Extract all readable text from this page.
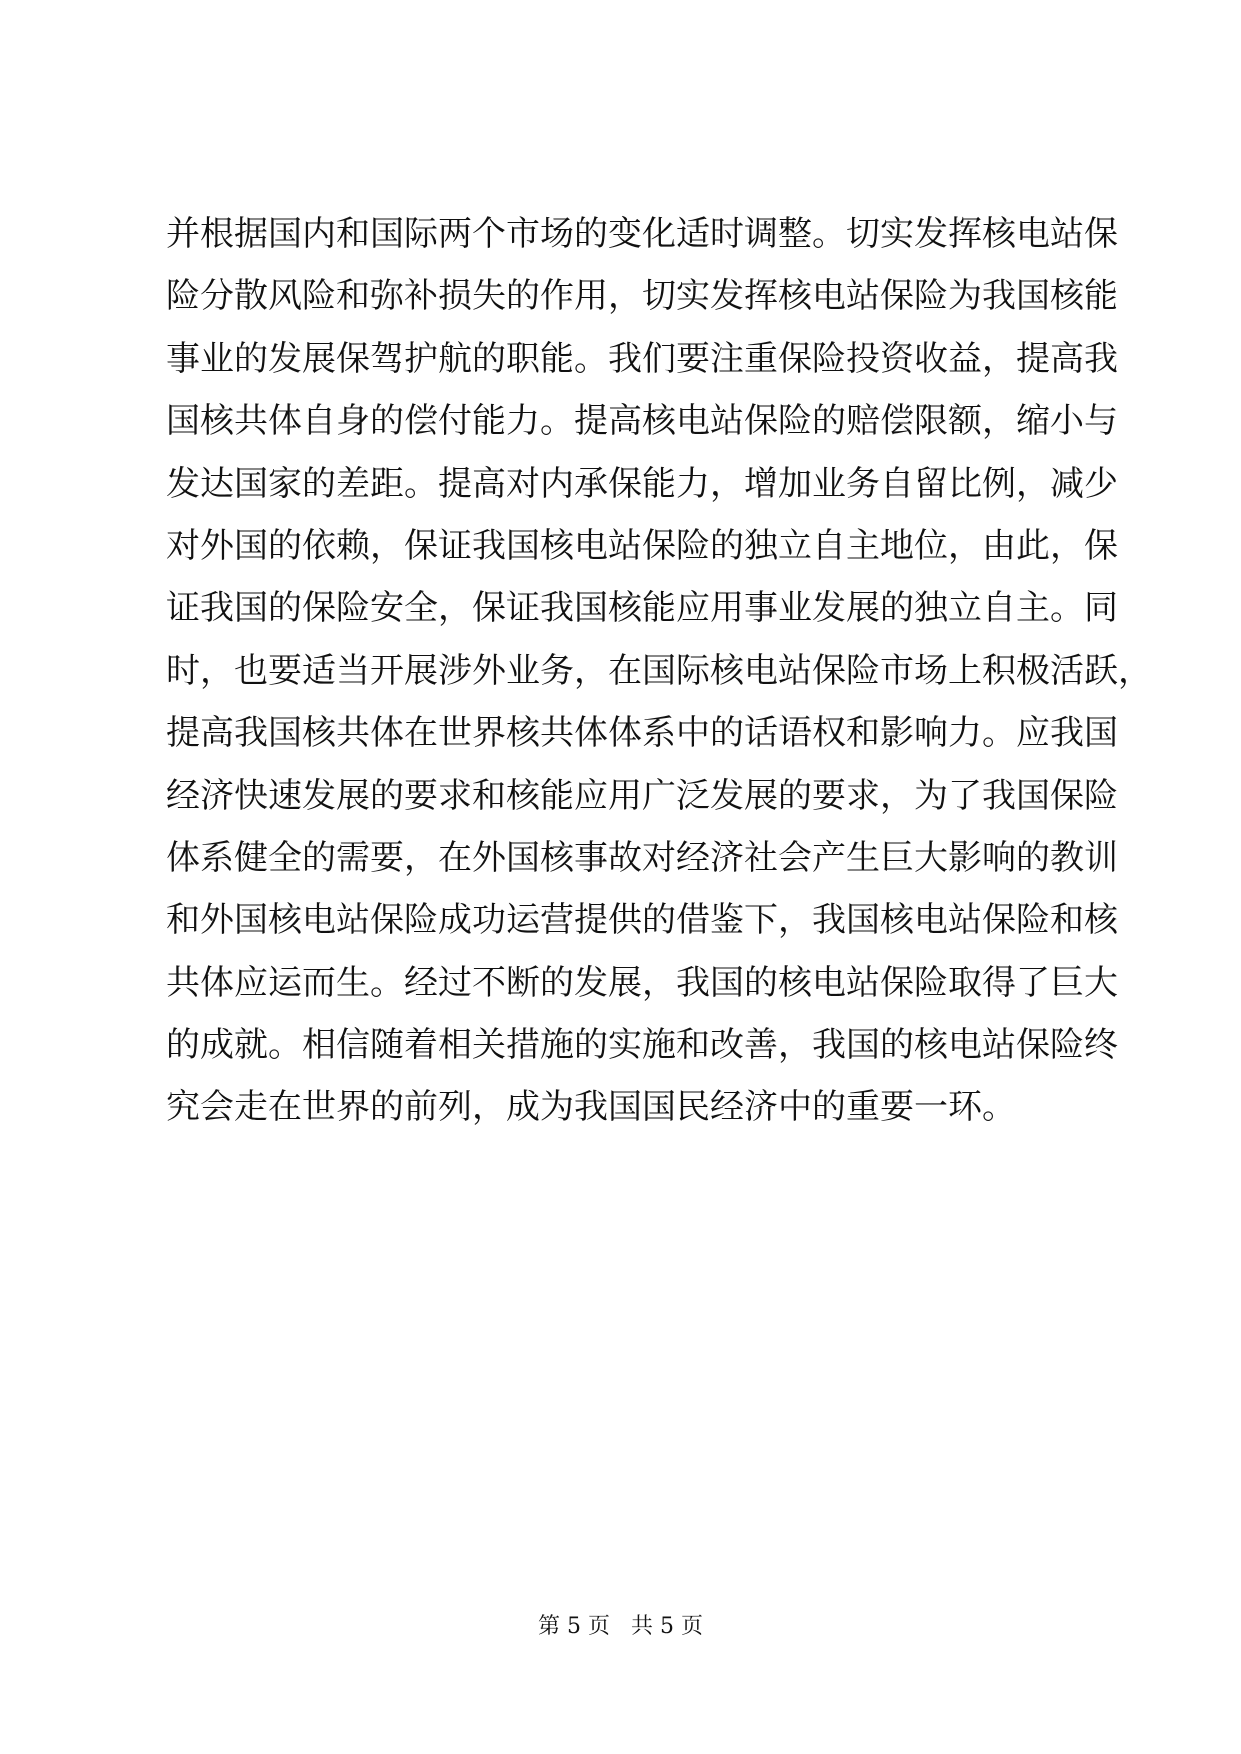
并根据国内和国际两个市场的变化适时调整。切实发挥核电站保
险分散风险和弥补损失的作用，切实发挥核电站保险为我国核能
事业的发展保驾护航的职能。我们要注重保险投资收益，提高我
国核共体自身的偿付能力。提高核电站保险的赔偿限额，缩小与
发达国家的差距。提高对内承保能力，增加业务自留比例，减少
对外国的依赖，保证我国核电站保险的独立自主地位，由此，保
证我国的保险安全，保证我国核能应用事业发展的独立自主。同
时，也要适当开展涉外业务，在国际核电站保险市场上积极活跃，
提高我国核共体在世界核共体体系中的话语权和影响力。应我国
经济快速发展的要求和核能应用广泛发展的要求，为了我国保险
体系健全的需要，在外国核事故对经济社会产生巨大影响的教训
和外国核电站保险成功运营提供的借鉴下，我国核电站保险和核
共体应运而生。经过不断的发展，我国的核电站保险取得了巨大
的成就。相信随着相关措施的实施和改善，我国的核电站保险终
究会走在世界的前列，成为我国国民经济中的重要一环。
第 5 页 共 5 页
